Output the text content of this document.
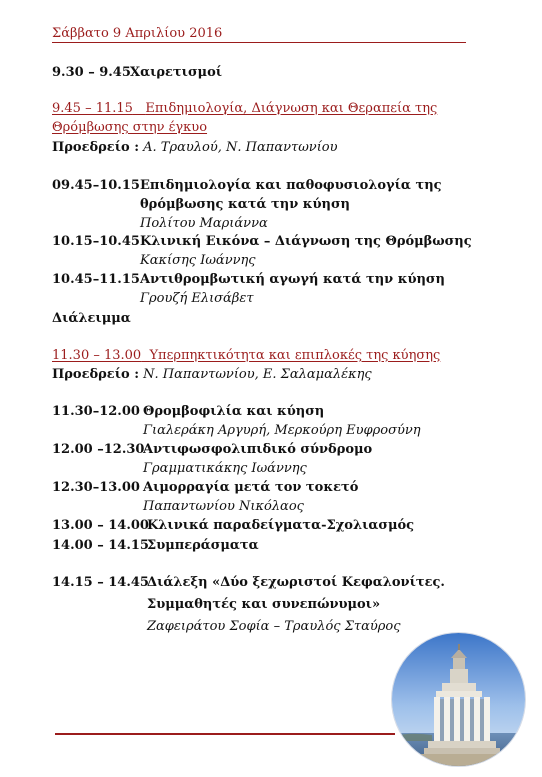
Σάββατο 9 Απριλίου 2016
9.30 – 9.45 Χαιρετισμοί
9.45 – 11.15 Επιδημιολογία, Διάγνωση και Θεραπεία της
Θρόμβωσης στην έγκυο
Προεδρείο : Α. Τραυλού, Ν. Παπαντωνίου
09.45–10.15 Επιδημιολογία και παθοφυσιολογία της
θρόμβωσης κατά την κύηση
Πολίτου Μαριάννα
10.15–10.45 Κλινική Εικόνα – Διάγνωση της Θρόμβωσης
Κακίσης Ιωάννης
10.45–11.15 Αντιθρομβωτική αγωγή κατά την κύηση
Γρουζή Ελισάβετ
Διάλειμμα
11.30 – 13.00 Υπερπηκτικότητα και επιπλοκές της κύησης
Προεδρείο : Ν. Παπαντωνίου, Ε. Σαλαμαλέκης
11.30–12.00 Θρομβοφιλία και κύηση
Γιαλεράκη Αργυρή, Μερκούρη Ευφροσύνη
12.00 –12.30
Αντιφωσφολιπιδικό σύνδρομο
Γραμματικάκης Ιωάννης
12.30–13.00 Αιμορραγία μετά τον τοκετό
Παπαντωνίου Νικόλαος
13.00 – 14.00
Κλινικά παραδείγματα-Σχολιασμός
14.00 – 14.15
Συμπεράσματα
14.15 – 14.45
Διάλεξη «Δύο ξεχωριστοί Κεφαλονίτες.
Συμμαθητές και συνεπώνυμοι»
Ζαφειράτου Σοφία – Τραυλός Σταύρος
